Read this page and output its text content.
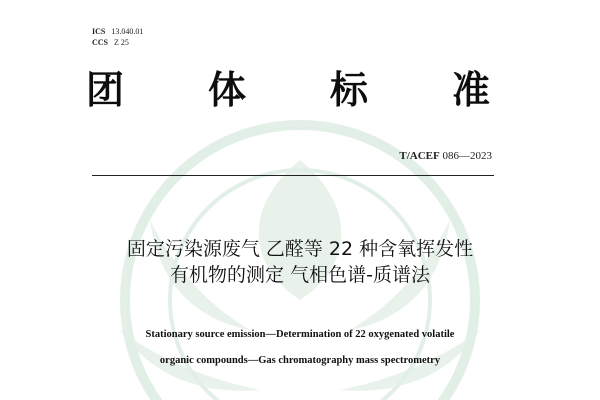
ICS 13.040.01
CCS Z 25
团 体 标 准
T/ACEF 086—2023
固定污染源废气 乙醛等 22 种含氧挥发性
有机物的测定 气相色谱-质谱法
Stationary source emission—Determination of 22 oxygenated volatile
organic compounds—Gas chromatography mass spectrometry
